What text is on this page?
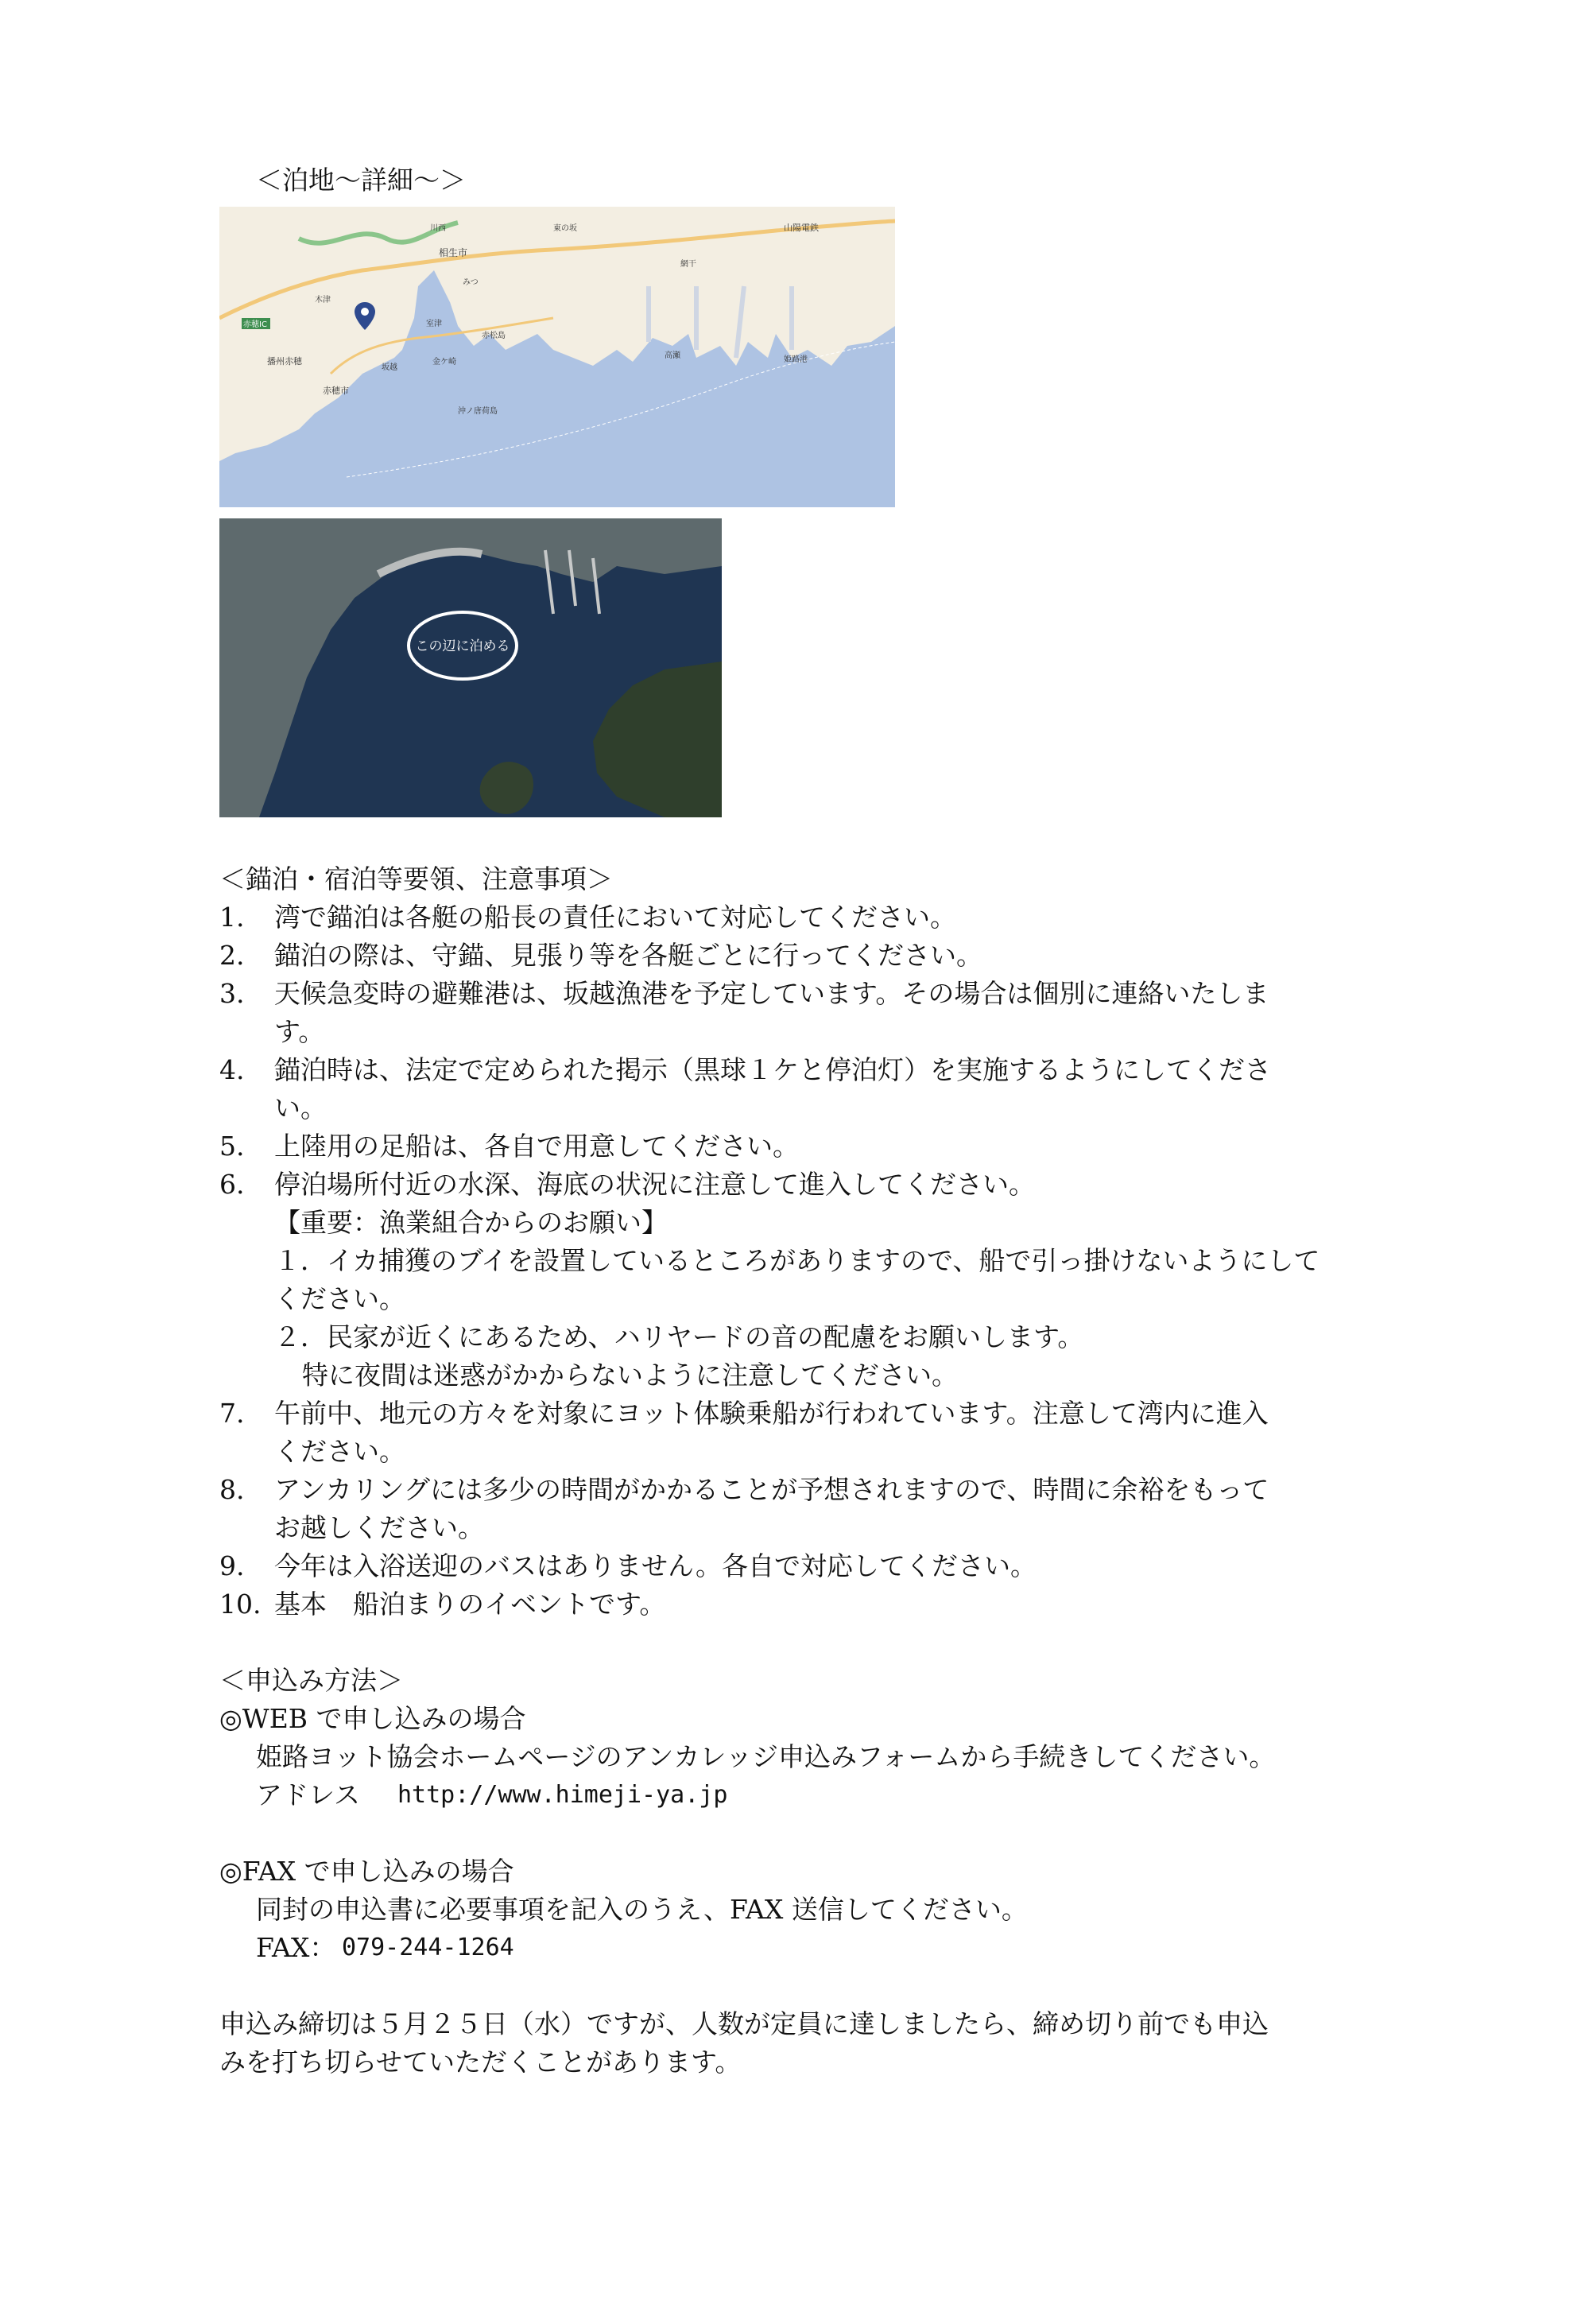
＜泊地～詳細～＞
赤穂IC
播州赤穂
赤穂市
相生市
みつ
川西
木津
坂越
金ケ崎
赤松島
沖ノ唐荷島
東の坂
高瀬
室津
網干
山陽電鉄
姫路港
この辺に泊める
＜錨泊・宿泊等要領、注意事項＞
1. 湾で錨泊は各艇の船長の責任において対応してください。
2. 錨泊の際は、守錨、見張り等を各艇ごとに行ってください。
3. 天候急変時の避難港は、坂越漁港を予定しています。その場合は個別に連絡いたしま
す。
4. 錨泊時は、法定で定められた掲示（黒球１ケと停泊灯）を実施するようにしてくださ
い。
5. 上陸用の足船は、各自で用意してください。
6. 停泊場所付近の水深、海底の状況に注意して進入してください。
【重要：漁業組合からのお願い】
１．イカ捕獲のブイを設置しているところがありますので、船で引っ掛けないようにして
ください。
２．民家が近くにあるため、ハリヤードの音の配慮をお願いします。
特に夜間は迷惑がかからないように注意してください。
7. 午前中、地元の方々を対象にヨット体験乗船が行われています。注意して湾内に進入
ください。
8. アンカリングには多少の時間がかかることが予想されますので、時間に余裕をもって
お越しください。
9. 今年は入浴送迎のバスはありません。各自で対応してください。
10. 基本　船泊まりのイベントです。
＜申込み方法＞
◎WEB で申し込みの場合
姫路ヨット協会ホームページのアンカレッジ申込みフォームから手続きしてください。
アドレス http://www.himeji-ya.jp
◎FAX で申し込みの場合
同封の申込書に必要事項を記入のうえ、FAX 送信してください。
FAX： 079-244-1264
申込み締切は５月２５日（水）ですが、人数が定員に達しましたら、締め切り前でも申込
みを打ち切らせていただくことがあります。
